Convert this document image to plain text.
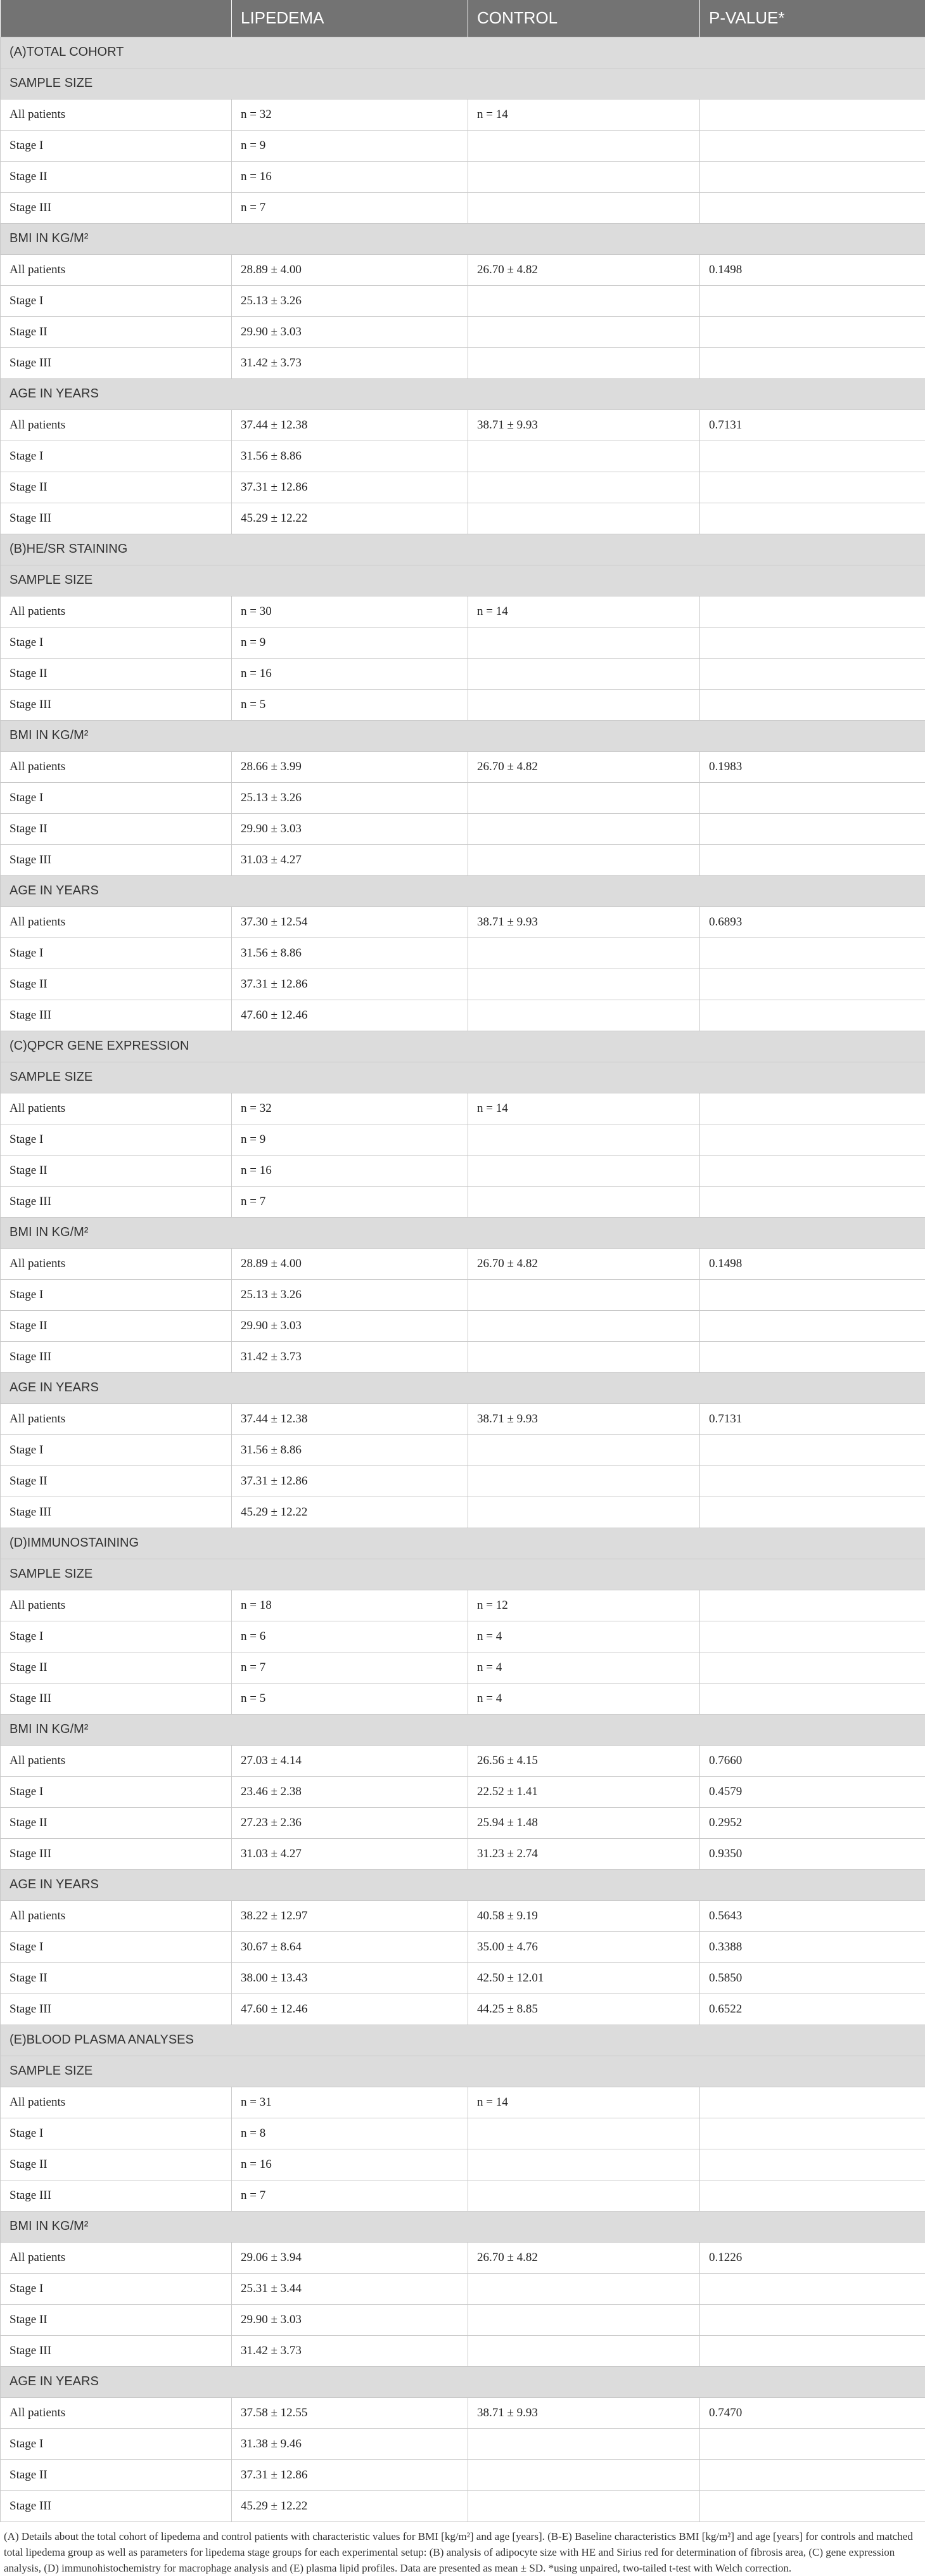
	LIPEDEMA	CONTROL	P-VALUE*
(A)TOTAL COHORT			
SAMPLE SIZE			
All patients	n = 32	n = 14	
Stage I	n = 9		
Stage II	n = 16		
Stage III	n = 7		
BMI IN KG/M²			
All patients	28.89 ± 4.00	26.70 ± 4.82	0.1498
Stage I	25.13 ± 3.26		
Stage II	29.90 ± 3.03		
Stage III	31.42 ± 3.73		
AGE IN YEARS			
All patients	37.44 ± 12.38	38.71 ± 9.93	0.7131
Stage I	31.56 ± 8.86		
Stage II	37.31 ± 12.86		
Stage III	45.29 ± 12.22		
(B)HE/SR STAINING			
SAMPLE SIZE			
All patients	n = 30	n = 14	
Stage I	n = 9		
Stage II	n = 16		
Stage III	n = 5		
BMI IN KG/M²			
All patients	28.66 ± 3.99	26.70 ± 4.82	0.1983
Stage I	25.13 ± 3.26		
Stage II	29.90 ± 3.03		
Stage III	31.03 ± 4.27		
AGE IN YEARS			
All patients	37.30 ± 12.54	38.71 ± 9.93	0.6893
Stage I	31.56 ± 8.86		
Stage II	37.31 ± 12.86		
Stage III	47.60 ± 12.46		
(C)QPCR GENE EXPRESSION			
SAMPLE SIZE			
All patients	n = 32	n = 14	
Stage I	n = 9		
Stage II	n = 16		
Stage III	n = 7		
BMI IN KG/M²			
All patients	28.89 ± 4.00	26.70 ± 4.82	0.1498
Stage I	25.13 ± 3.26		
Stage II	29.90 ± 3.03		
Stage III	31.42 ± 3.73		
AGE IN YEARS			
All patients	37.44 ± 12.38	38.71 ± 9.93	0.7131
Stage I	31.56 ± 8.86		
Stage II	37.31 ± 12.86		
Stage III	45.29 ± 12.22		
(D)IMMUNOSTAINING			
SAMPLE SIZE			
All patients	n = 18	n = 12	
Stage I	n = 6	n = 4	
Stage II	n = 7	n = 4	
Stage III	n = 5	n = 4	
BMI IN KG/M²			
All patients	27.03 ± 4.14	26.56 ± 4.15	0.7660
Stage I	23.46 ± 2.38	22.52 ± 1.41	0.4579
Stage II	27.23 ± 2.36	25.94 ± 1.48	0.2952
Stage III	31.03 ± 4.27	31.23 ± 2.74	0.9350
AGE IN YEARS			
All patients	38.22 ± 12.97	40.58 ± 9.19	0.5643
Stage I	30.67 ± 8.64	35.00 ± 4.76	0.3388
Stage II	38.00 ± 13.43	42.50 ± 12.01	0.5850
Stage III	47.60 ± 12.46	44.25 ± 8.85	0.6522
(E)BLOOD PLASMA ANALYSES			
SAMPLE SIZE			
All patients	n = 31	n = 14	
Stage I	n = 8		
Stage II	n = 16		
Stage III	n = 7		
BMI IN KG/M²			
All patients	29.06 ± 3.94	26.70 ± 4.82	0.1226
Stage I	25.31 ± 3.44		
Stage II	29.90 ± 3.03		
Stage III	31.42 ± 3.73		
AGE IN YEARS			
All patients	37.58 ± 12.55	38.71 ± 9.93	0.7470
Stage I	31.38 ± 9.46		
Stage II	37.31 ± 12.86		
Stage III	45.29 ± 12.22		
(A) Details about the total cohort of lipedema and control patients with characteristic values for BMI [kg/m²] and age [years]. (B-E) Baseline characteristics BMI [kg/m²] and age [years] for controls and matched total lipedema group as well as parameters for lipedema stage groups for each experimental setup: (B) analysis of adipocyte size with HE and Sirius red for determination of fibrosis area, (C) gene expression analysis, (D) immunohistochemistry for macrophage analysis and (E) plasma lipid profiles. Data are presented as mean ± SD. *using unpaired, two-tailed t-test with Welch correction.
